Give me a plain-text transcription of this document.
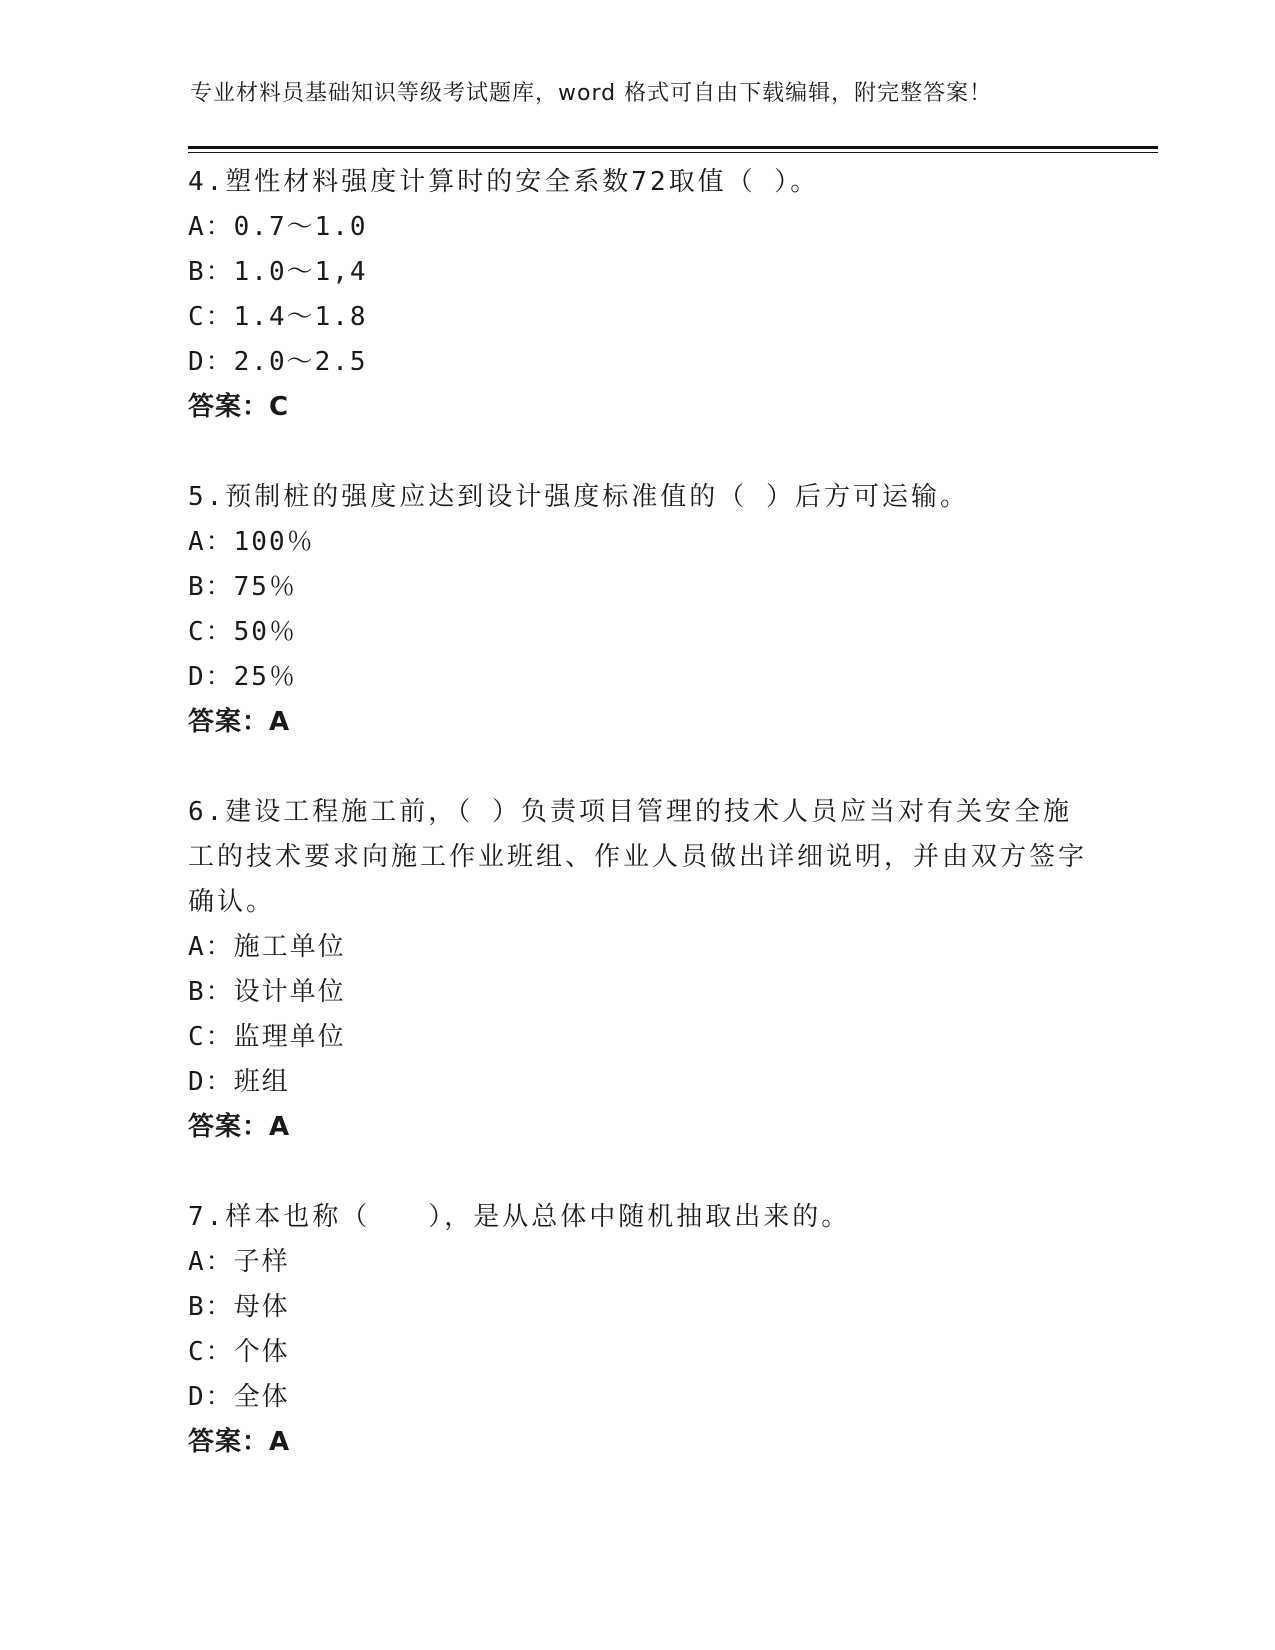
专业材料员基础知识等级考试题库，word 格式可自由下载编辑，附完整答案！
4.塑性材料强度计算时的安全系数72取值（ ）。
A：0.7～1.0
B：1.0～1,4
C：1.4～1.8
D：2.0～2.5
答案：C
5.预制桩的强度应达到设计强度标准值的（ ）后方可运输。
A：100％
B：75％
C：50％
D：25％
答案：A
6.建设工程施工前，（ ）负责项目管理的技术人员应当对有关安全施工的技术要求向施工作业班组、作业人员做出详细说明，并由双方签字确认。
A：施工单位
B：设计单位
C：监理单位
D：班组
答案：A
7.样本也称（　　），是从总体中随机抽取出来的。
A：子样
B：母体
C：个体
D：全体
答案：A
